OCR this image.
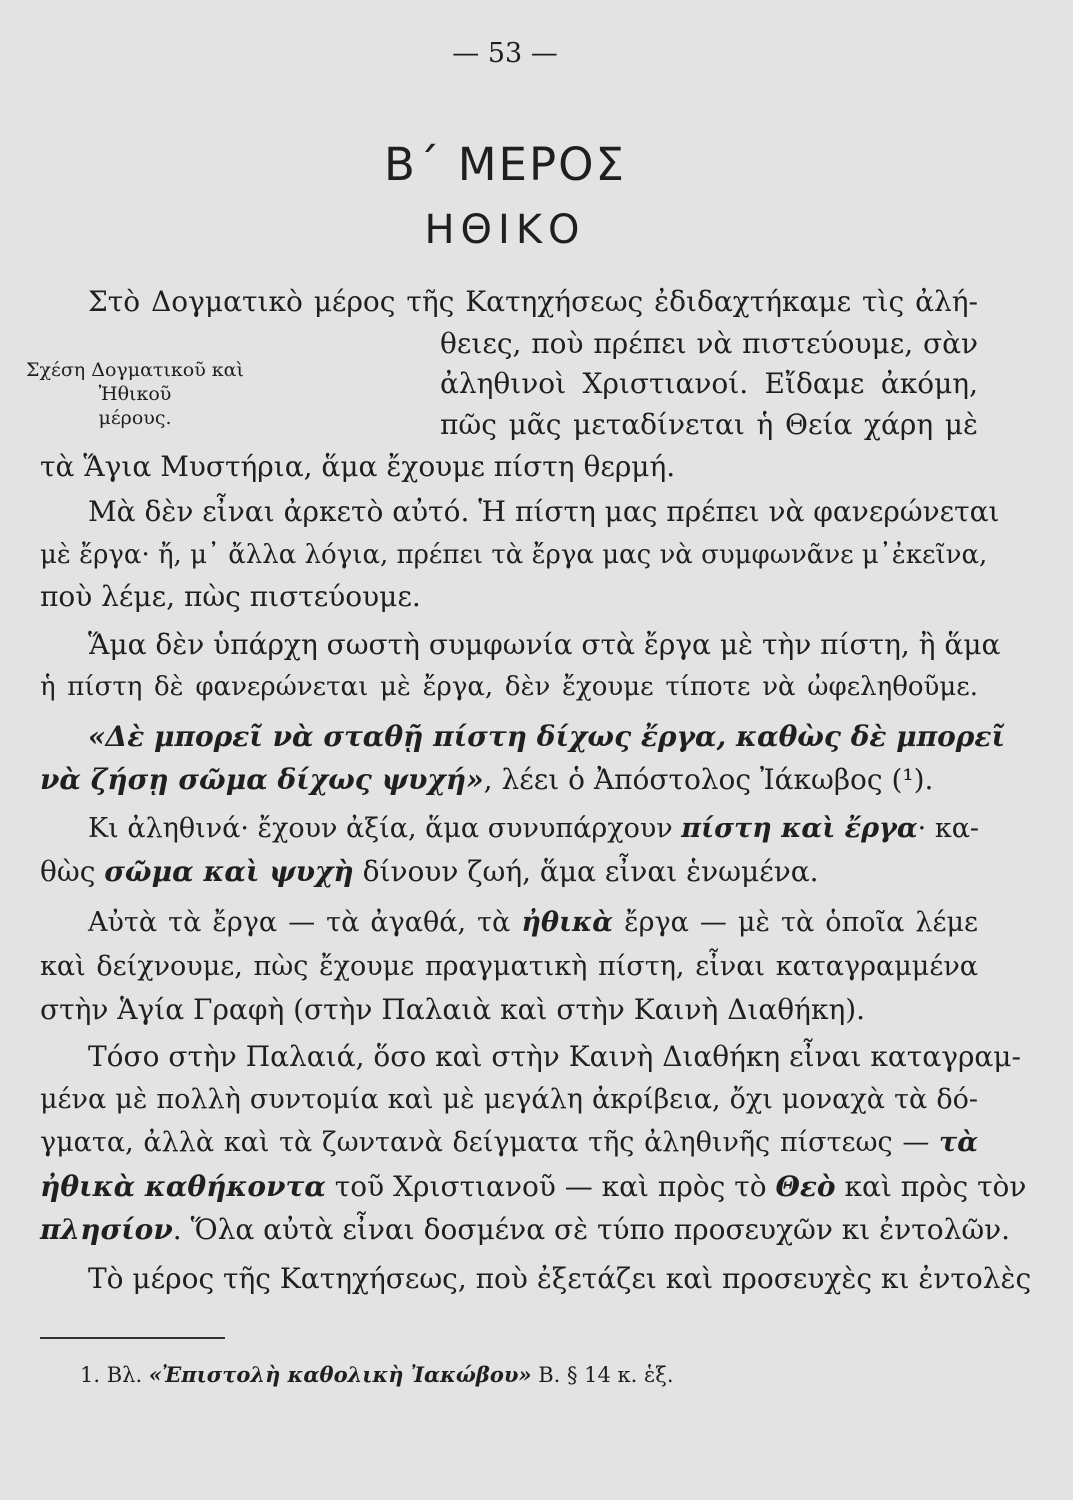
— 53 —
Β΄ ΜΕΡΟΣ
ΗΘΙΚΟ
Σχέση Δογματικοῦ καὶ Ἠθικοῦ
μέρους.
Στὸ Δογματικὸ μέρος τῆς Κατηχήσεως ἐδιδαχτήκαμε τὶς ἀλή-
θειες, ποὺ πρέπει νὰ πιστεύουμε, σὰν
ἀληθινοὶ Χριστιανοί. Εἴδαμε ἀκόμη,
πῶς μᾶς μεταδίνεται ἡ Θεία χάρη μὲ
τὰ Ἅγια Μυστήρια, ἅμα ἔχουμε πίστη θερμή.
Μὰ δὲν εἶναι ἀρκετὸ αὐτό. Ἡ πίστη μας πρέπει νὰ φανερώνεται
μὲ ἔργα· ἤ, μ᾽ ἄλλα λόγια, πρέπει τὰ ἔργα μας νὰ συμφωνᾶνε μ᾽ἐκεῖνα,
ποὺ λέμε, πὼς πιστεύουμε.
Ἅμα δὲν ὑπάρχη σωστὴ συμφωνία στὰ ἔργα μὲ τὴν πίστη, ἢ ἅμα
ἡ πίστη δὲ φανερώνεται μὲ ἔργα, δὲν ἔχουμε τίποτε νὰ ὠφεληθοῦμε.
«Δὲ μπορεῖ νὰ σταθῇ πίστη δίχως ἔργα, καθὼς δὲ μπορεῖ
νὰ ζήσῃ σῶμα δίχως ψυχή», λέει ὁ Ἀπόστολος Ἰάκωβος (¹).
Κι ἀληθινά· ἔχουν ἀξία, ἅμα συνυπάρχουν πίστη καὶ ἔργα· κα-
θὼς σῶμα καὶ ψυχὴ δίνουν ζωή, ἅμα εἶναι ἑνωμένα.
Αὐτὰ τὰ ἔργα — τὰ ἀγαθά, τὰ ἠθικὰ ἔργα — μὲ τὰ ὁποῖα λέμε
καὶ δείχνουμε, πὼς ἔχουμε πραγματικὴ πίστη, εἶναι καταγραμμένα
στὴν Ἁγία Γραφὴ (στὴν Παλαιὰ καὶ στὴν Καινὴ Διαθήκη).
Τόσο στὴν Παλαιά, ὅσο καὶ στὴν Καινὴ Διαθήκη εἶναι καταγραμ-
μένα μὲ πολλὴ συντομία καὶ μὲ μεγάλη ἀκρίβεια, ὄχι μοναχὰ τὰ δό-
γματα, ἀλλὰ καὶ τὰ ζωντανὰ δείγματα τῆς ἀληθινῆς πίστεως — τὰ
ἠθικὰ καθήκοντα τοῦ Χριστιανοῦ — καὶ πρὸς τὸ Θεὸ καὶ πρὸς τὸν
πλησίον. Ὅλα αὐτὰ εἶναι δοσμένα σὲ τύπο προσευχῶν κι ἐντολῶν.
Τὸ μέρος τῆς Κατηχήσεως, ποὺ ἐξετάζει καὶ προσευχὲς κι ἐντολὲς
1. Βλ. «Ἐπιστολὴ καθολικὴ Ἰακώβου» Β. § 14 κ. ἑξ.
